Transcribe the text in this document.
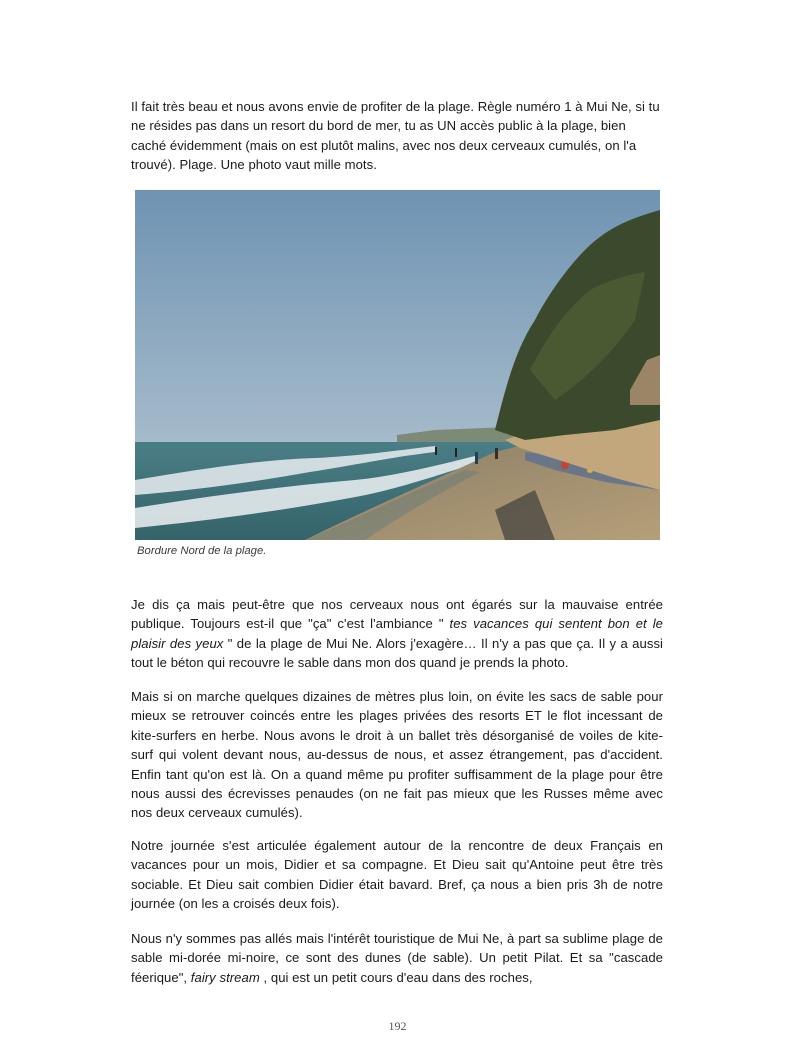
Il fait très beau et nous avons envie de profiter de la plage. Règle numéro 1 à Mui Ne, si tu ne résides pas dans un resort du bord de mer, tu as UN accès public à la plage, bien caché évidemment (mais on est plutôt malins, avec nos deux cerveaux cumulés, on l'a trouvé). Plage. Une photo vaut mille mots.

Bordure Nord de la plage.

Je dis ça mais peut-être que nos cerveaux nous ont égarés sur la mauvaise entrée publique. Toujours est-il que "ça" c'est l'ambiance " tes vacances qui sentent bon et le plaisir des yeux " de la plage de Mui Ne. Alors j'exagère… Il n'y a pas que ça. Il y a aussi tout le béton qui recouvre le sable dans mon dos quand je prends la photo.

Mais si on marche quelques dizaines de mètres plus loin, on évite les sacs de sable pour mieux se retrouver coincés entre les plages privées des resorts ET le flot incessant de kite-surfers en herbe. Nous avons le droit à un ballet très désorganisé de voiles de kite-surf qui volent devant nous, au-dessus de nous, et assez étrangement, pas d'accident. Enfin tant qu'on est là. On a quand même pu profiter suffisamment de la plage pour être nous aussi des écrevisses penaudes (on ne fait pas mieux que les Russes même avec nos deux cerveaux cumulés).

Notre journée s'est articulée également autour de la rencontre de deux Français en vacances pour un mois, Didier et sa compagne. Et Dieu sait qu'Antoine peut être très sociable. Et Dieu sait combien Didier était bavard. Bref, ça nous a bien pris 3h de notre journée (on les a croisés deux fois).

Nous n'y sommes pas allés mais l'intérêt touristique de Mui Ne, à part sa sublime plage de sable mi-dorée mi-noire, ce sont des dunes (de sable). Un petit Pilat. Et sa "cascade féerique", fairy stream , qui est un petit cours d'eau dans des roches,

192
